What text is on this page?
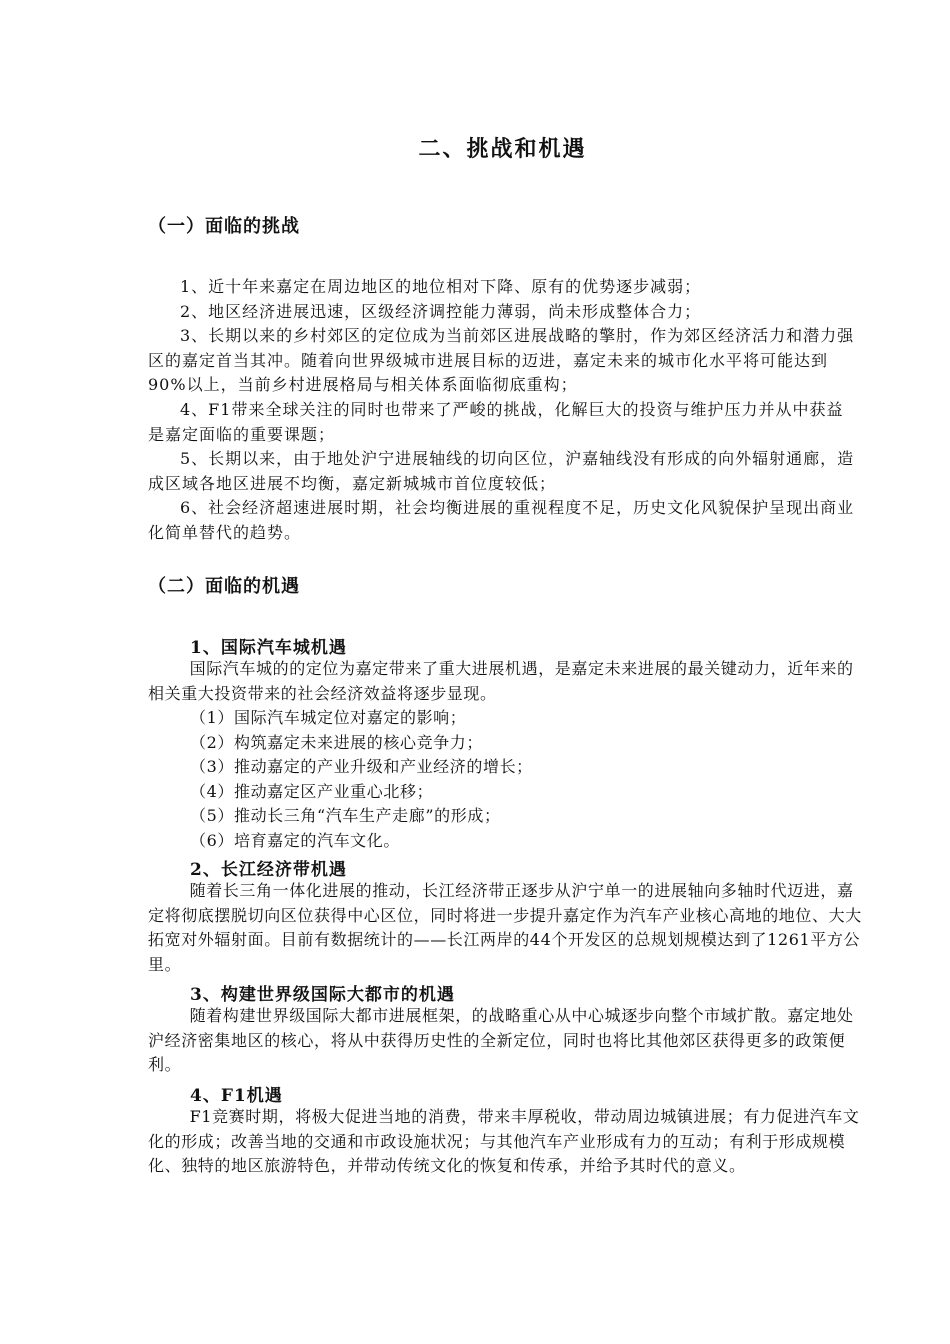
二、挑战和机遇
（一）面临的挑战

1、近十年来嘉定在周边地区的地位相对下降、原有的优势逐步减弱；

2、地区经济进展迅速，区级经济调控能力薄弱，尚未形成整体合力；

3、长期以来的乡村郊区的定位成为当前郊区进展战略的擎肘，作为郊区经济活力和潜力强区的嘉定首当其冲。随着向世界级城市进展目标的迈进，嘉定未来的城市化水平将可能达到90%以上，当前乡村进展格局与相关体系面临彻底重构；

4、F1带来全球关注的同时也带来了严峻的挑战，化解巨大的投资与维护压力并从中获益是嘉定面临的重要课题；

5、长期以来，由于地处沪宁进展轴线的切向区位，沪嘉轴线没有形成的向外辐射通廊，造成区域各地区进展不均衡，嘉定新城城市首位度较低；

6、社会经济超速进展时期，社会均衡进展的重视程度不足，历史文化风貌保护呈现出商业化简单替代的趋势。

（二）面临的机遇
1、国际汽车城机遇

国际汽车城的的定位为嘉定带来了重大进展机遇，是嘉定未来进展的最关键动力，近年来的相关重大投资带来的社会经济效益将逐步显现。

（1）国际汽车城定位对嘉定的影响；
（2）构筑嘉定未来进展的核心竞争力；
（3）推动嘉定的产业升级和产业经济的增长；
（4）推动嘉定区产业重心北移；
（5）推动长三角“汽车生产走廊”的形成；
（6）培育嘉定的汽车文化。
2、长江经济带机遇

随着长三角一体化进展的推动，长江经济带正逐步从沪宁单一的进展轴向多轴时代迈进，嘉定将彻底摆脱切向区位获得中心区位，同时将进一步提升嘉定作为汽车产业核心高地的地位、大大拓宽对外辐射面。目前有数据统计的——长江两岸的44个开发区的总规划规模达到了1261平方公里。

3、构建世界级国际大都市的机遇

随着构建世界级国际大都市进展框架，的战略重心从中心城逐步向整个市域扩散。嘉定地处沪经济密集地区的核心，将从中获得历史性的全新定位，同时也将比其他郊区获得更多的政策便利。

4、F1机遇

F1竞赛时期，将极大促进当地的消费，带来丰厚税收，带动周边城镇进展；有力促进汽车文化的形成；改善当地的交通和市政设施状况；与其他汽车产业形成有力的互动；有利于形成规模化、独特的地区旅游特色，并带动传统文化的恢复和传承，并给予其时代的意义。
